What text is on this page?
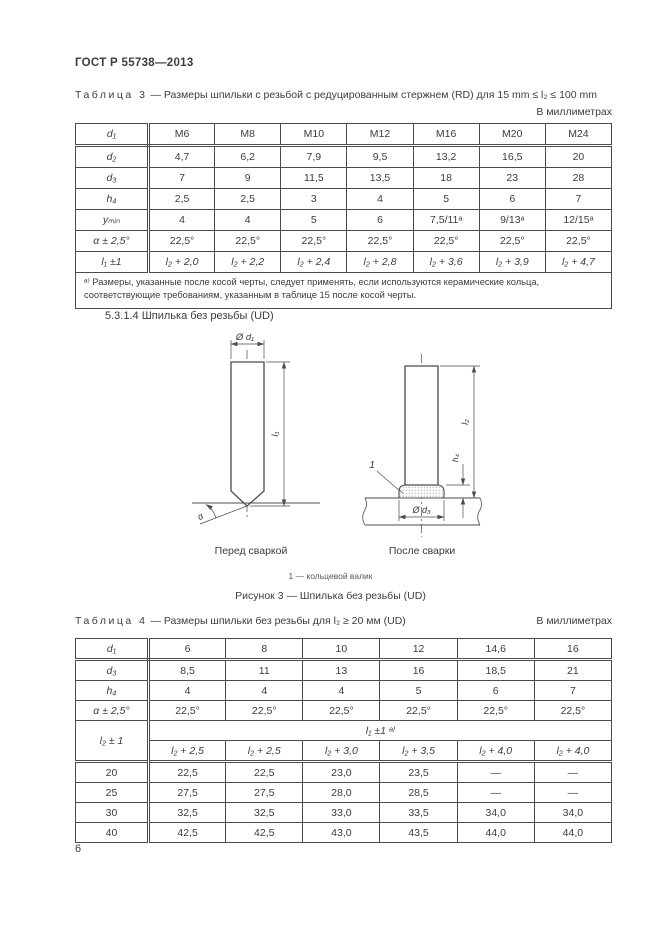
ГОСТ Р 55738—2013
Таблица 3 — Размеры шпильки с резьбой с редуцированным стержнем (RD) для 15 mm ≤ l₂ ≤ 100 mm
В миллиметрах
d₁	M6	M8	M10	M12	M16	M20	M24
d₂	4,7	6,2	7,9	9,5	13,2	16,5	20
d₃	7	9	11,5	13,5	18	23	28
h₄	2,5	2,5	3	4	5	6	7
yₘᵢₙ	4	4	5	6	7,5/11ᵃ	9/13ᵃ	12/15ᵃ
α ± 2,5°	22,5°	22,5°	22,5°	22,5°	22,5°	22,5°	22,5°
l₁ ±1	l₂ + 2,0	l₂ + 2,2	l₂ + 2,4	l₂ + 2,8	l₂ + 3,6	l₂ + 3,9	l₂ + 4,7
ᵃ⁾ Размеры, указанные после косой черты, следует применять, если используются керамические кольца, соответствующие требованиям, указанным в таблице 15 после косой черты.							
5.3.1.4 Шпилька без резьбы (UD)
Ø d₁
l₁
α
Перед сваркой
1
l₂
h₄
Ø d₃
После сварки
1 — кольцевой валик
Рисунок 3 — Шпилька без резьбы (UD)
Таблица 4 — Размеры шпильки без резьбы для l₂ ≥ 20 мм (UD)	В миллиметрах
d₁	6	8	10	12	14,6	16
d₃	8,5	11	13	16	18,5	21
h₄	4	4	4	5	6	7
α ± 2,5°	22,5°	22,5°	22,5°	22,5°	22,5°	22,5°
l₂ ± 1	l₁ ±1 ᵃ⁾					
	l₂ + 2,5	l₂ + 2,5	l₂ + 3,0	l₂ + 3,5	l₂ + 4,0	l₂ + 4,0
20	22,5	22,5	23,0	23,5	—	—
25	27,5	27,5	28,0	28,5	—	—
30	32,5	32,5	33,0	33,5	34,0	34,0
40	42,5	42,5	43,0	43,5	44,0	44,0
6
